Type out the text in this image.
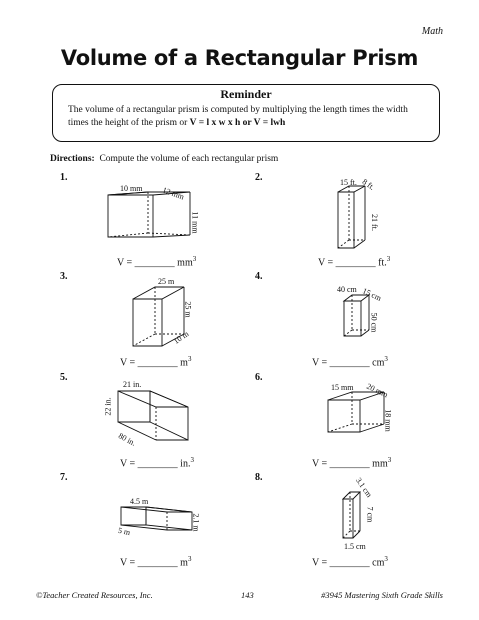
Math
Volume of a Rectangular Prism
Reminder
The volume of a rectangular prism is computed by multiplying the length times the width times the height of the prism or V = l x w x h or V = lwh
Directions: Compute the volume of each rectangular prism
1.
10 mm 12 mm
11 mm
V = ________ $mm^3$
2.	15 ft. 8 ft.
21 ft.
V = ________ ft.$^3$
3.	25 m
25 m
10 m
V = ________ $m^3$
4.
40 cm 15 cm
50 cm
V = ________ $cm^3$
5.
21 in.
22 in.
80 in.
V = ________ in.$^3$
6.
15 mm 20 mm
18 mm
V = ________ $mm^3$
7.
4.5 m
5 m	2.1 m
V = ________ $m^3$
8.	3.1 cm
7 cm
1.5 cm
V = ________ $cm^3$
©Teacher Created Resources, Inc.	143	#3945 Mastering Sixth Grade Skills
